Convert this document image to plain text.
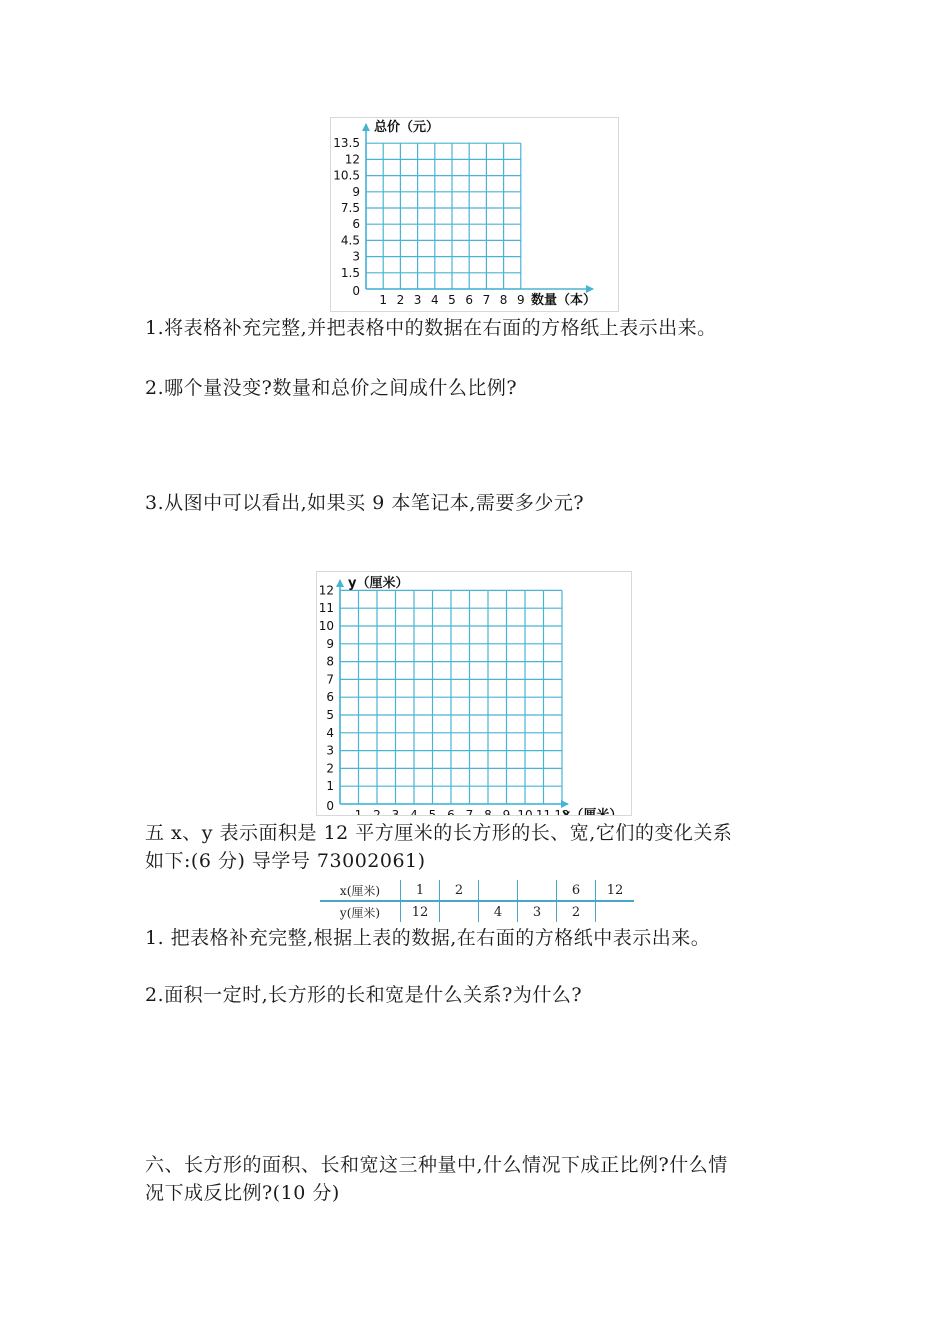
1.5
3
4.5
6
7.5
9
10.5
12
13.5
1 2 3 4 5 6 7 8 9
0
总价（元）
数量（本）
1.将表格补充完整,并把表格中的数据在右面的方格纸上表示出来。
2.哪个量没变?数量和总价之间成什么比例?
3.从图中可以看出,如果买 9 本笔记本,需要多少元?
1
2
3
4
5
6
7
8
9
10
11
12
1 2 3 4 5 6 7 8 9 10 11 12
0
y（厘米）
五 x、y 表示面积是 12 平方厘米的长方形的长、宽,它们的变化关系
如下:(6 分) 导学号 73002061)
x(厘米)	1	2			6	12
y(厘米)	12		4	3	2	
1. 把表格补充完整,根据上表的数据,在右面的方格纸中表示出来。
2.面积一定时,长方形的长和宽是什么关系?为什么?
六、长方形的面积、长和宽这三种量中,什么情况下成正比例?什么情
况下成反比例?(10 分)
